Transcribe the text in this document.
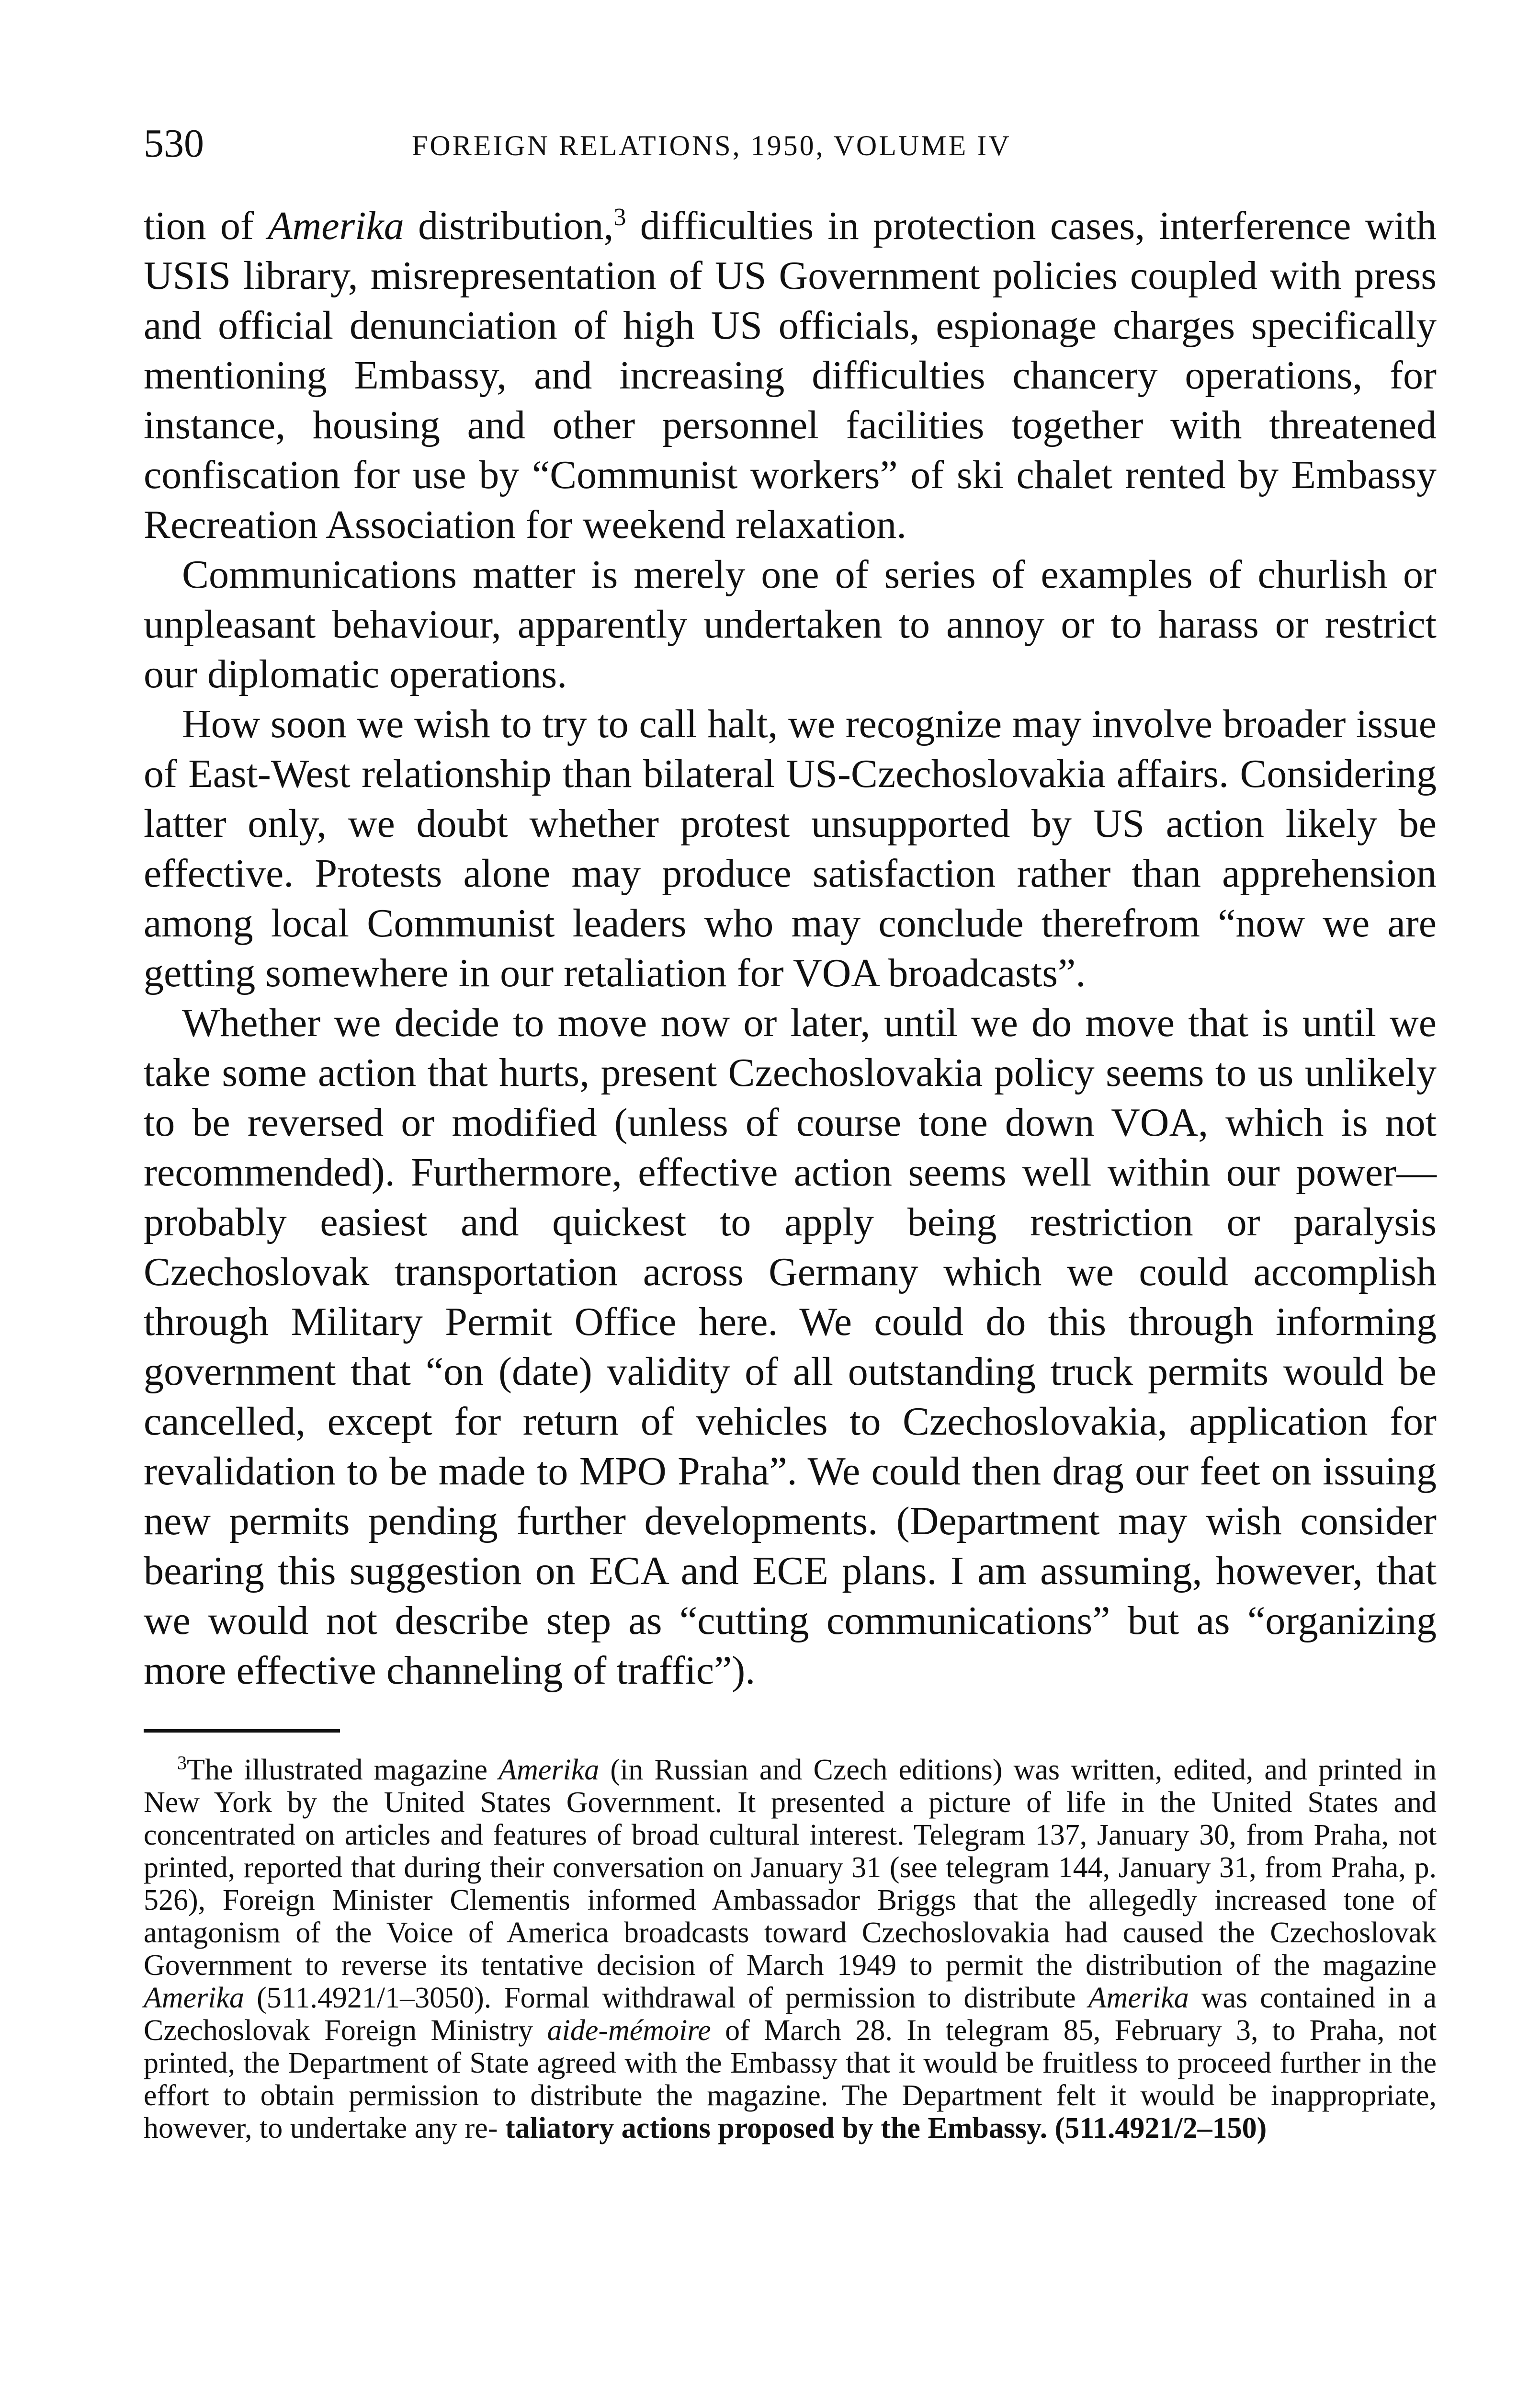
530	FOREIGN RELATIONS, 1950, VOLUME IV

tion of Amerika distribution,$^3$ difficulties in protection cases, interference with USIS library, misrepresentation of US Government policies coupled with press and official denunciation of high US officials, espionage charges specifically mentioning Embassy, and increasing difficulties chancery operations, for instance, housing and other personnel facilities together with threatened confiscation for use by “Communist workers” of ski chalet rented by Embassy Recreation Association for weekend relaxation.

Communications matter is merely one of series of examples of churlish or unpleasant behaviour, apparently undertaken to annoy or to harass or restrict our diplomatic operations.

How soon we wish to try to call halt, we recognize may involve broader issue of East-West relationship than bilateral US-Czechoslovakia affairs. Considering latter only, we doubt whether protest unsupported by US action likely be effective. Protests alone may produce satisfaction rather than apprehension among local Communist leaders who may conclude therefrom “now we are getting somewhere in our retaliation for VOA broadcasts”.

Whether we decide to move now or later, until we do move that is until we take some action that hurts, present Czechoslovakia policy seems to us unlikely to be reversed or modified (unless of course tone down VOA, which is not recommended). Furthermore, effective action seems well within our power—probably easiest and quickest to apply being restriction or paralysis Czechoslovak transportation across Germany which we could accomplish through Military Permit Office here. We could do this through informing government that “on (date) validity of all outstanding truck permits would be cancelled, except for return of vehicles to Czechoslovakia, application for revalidation to be made to MPO Praha”. We could then drag our feet on issuing new permits pending further developments. (Department may wish consider bearing this suggestion on ECA and ECE plans. I am assuming, however, that we would not describe step as “cutting communications” but as “organizing more effective channeling of traffic”).

$^3$The illustrated magazine Amerika (in Russian and Czech editions) was written, edited, and printed in New York by the United States Government. It presented a picture of life in the United States and concentrated on articles and features of broad cultural interest. Telegram 137, January 30, from Praha, not printed, reported that during their conversation on January 31 (see telegram 144, January 31, from Praha, p. 526), Foreign Minister Clementis informed Ambassador Briggs that the allegedly increased tone of antagonism of the Voice of America broadcasts toward Czechoslovakia had caused the Czechoslovak Government to reverse its tentative decision of March 1949 to permit the distribution of the magazine Amerika (511.4921/1–3050). Formal withdrawal of permission to distribute Amerika was contained in a Czechoslovak Foreign Ministry aide-mémoire of March 28. In telegram 85, February 3, to Praha, not printed, the Department of State agreed with the Embassy that it would be fruitless to proceed further in the effort to obtain permission to distribute the magazine. The Department felt it would be inappropriate, however, to undertake any re- taliatory actions proposed by the Embassy. (511.4921/2–150)
